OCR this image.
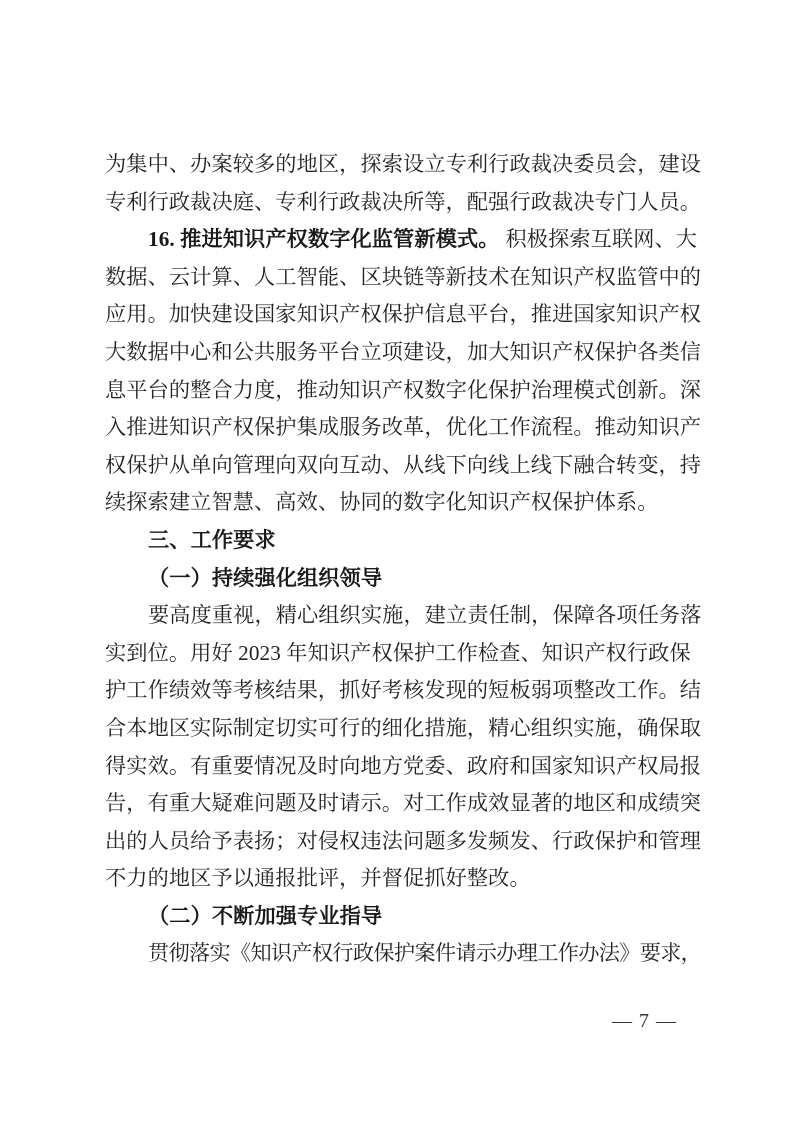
为集中、办案较多的地区，探索设立专利行政裁决委员会，建设
专利行政裁决庭、专利行政裁决所等，配强行政裁决专门人员。
16. 推进知识产权数字化监管新模式。 积极探索互联网、大
数据、云计算、人工智能、区块链等新技术在知识产权监管中的
应用。加快建设国家知识产权保护信息平台，推进国家知识产权
大数据中心和公共服务平台立项建设，加大知识产权保护各类信
息平台的整合力度，推动知识产权数字化保护治理模式创新。深
入推进知识产权保护集成服务改革，优化工作流程。推动知识产
权保护从单向管理向双向互动、从线下向线上线下融合转变，持
续探索建立智慧、高效、协同的数字化知识产权保护体系。
三、工作要求
（一）持续强化组织领导
要高度重视，精心组织实施，建立责任制，保障各项任务落
实到位。用好 2023 年知识产权保护工作检查、知识产权行政保
护工作绩效等考核结果，抓好考核发现的短板弱项整改工作。结
合本地区实际制定切实可行的细化措施，精心组织实施，确保取
得实效。有重要情况及时向地方党委、政府和国家知识产权局报
告，有重大疑难问题及时请示。对工作成效显著的地区和成绩突
出的人员给予表扬；对侵权违法问题多发频发、行政保护和管理
不力的地区予以通报批评，并督促抓好整改。
（二）不断加强专业指导
贯彻落实《知识产权行政保护案件请示办理工作办法》要求，
— 7 —
